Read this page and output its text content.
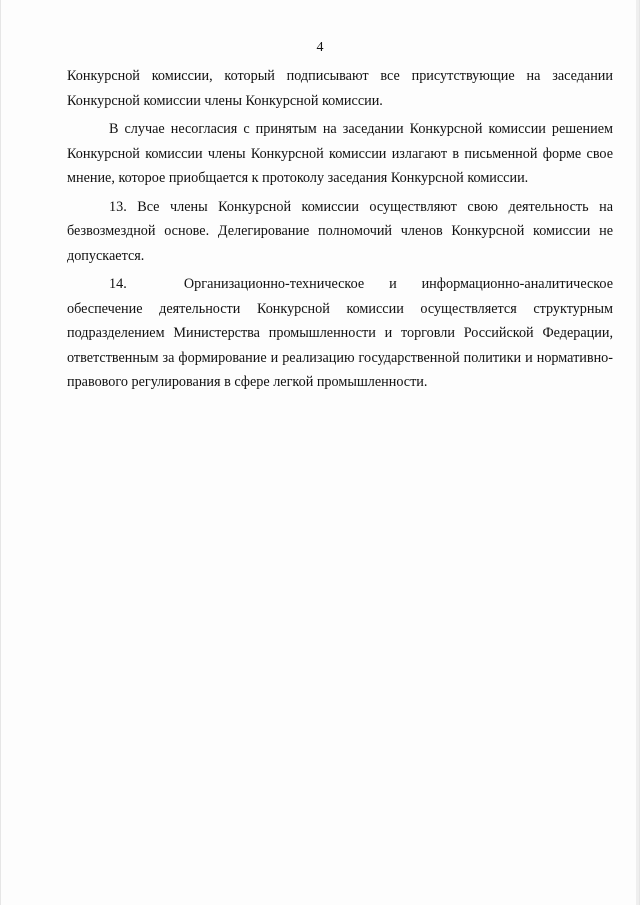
4

Конкурсной комиссии, который подписывают все присутствующие на заседании Конкурсной комиссии члены Конкурсной комиссии.

В случае несогласия с принятым на заседании Конкурсной комиссии решением Конкурсной комиссии члены Конкурсной комиссии излагают в письменной форме свое мнение, которое приобщается к протоколу заседания Конкурсной комиссии.

13. Все члены Конкурсной комиссии осуществляют свою деятельность на безвозмездной основе. Делегирование полномочий членов Конкурсной комиссии не допускается.

14.	Организационно-техническое и информационно-аналитическое

обеспечение деятельности Конкурсной комиссии осуществляется структурным подразделением Министерства промышленности и торговли Российской Федерации, ответственным за формирование и реализацию государственной политики и нормативно-правового регулирования в сфере легкой промышленности.
